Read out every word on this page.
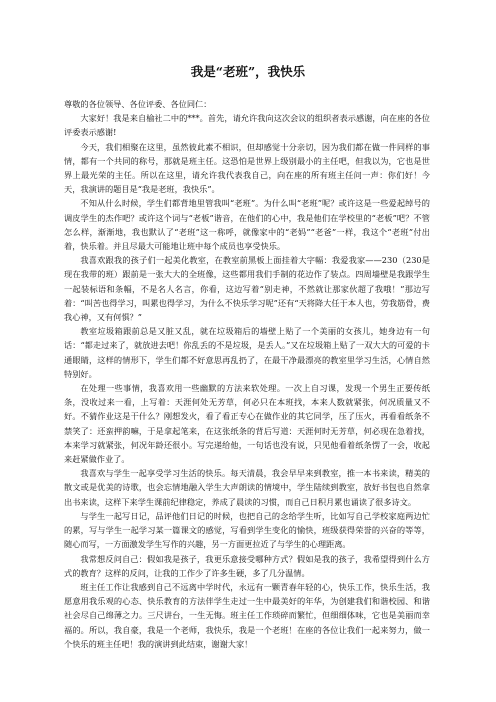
我是“老班”，我快乐

尊敬的各位领导、各位评委、各位同仁：

大家好！我是来自榆社二中的***。首先，请允许我向这次会议的组织者表示感谢，向在座的各位评委表示感谢!

今天，我们相聚在这里，虽然彼此素不相识，但却感觉十分亲切，因为我们都在做一件同样的事情，都有一个共同的称号，那就是班主任。这恐怕是世界上级别最小的主任吧，但我以为，它也是世界上最光荣的主任。所以在这里，请允许我代表我自己，向在座的所有班主任问一声：你们好！今天，我演讲的题目是“我是老班，我快乐”。

不知从什么时候，学生们都背地里管我叫“老班”。为什么叫“老班”呢？或许这是一些爱起绰号的调皮学生的杰作吧？或许这个词与“老板”谐音，在他们的心中，我是他们在学校里的“老板”吧？不管怎么样，渐渐地，我也默认了“老班”这一称呼，就像家中的“老妈”“老爸”一样，我这个“老班”付出着，快乐着。并且尽最大可能地让班中每个成员也享受快乐。

我喜欢跟我的孩子们一起美化教室，在教室前黑板上面挂着大字幅：我爱我家——230（230是现在我带的班）跟前是一张大大的全班像，这些都用我们手制的花边作了装点。四周墙壁是我跟学生一起装标语和条幅，不是名人名言，你看，这边写着“别走神，不然就让那家伙超了我哦！”那边写着：“叫苦也得学习，叫累也得学习，为什么不快乐学习呢”还有“天将降大任于本人也，劳我筋骨，费我心神，又有何惧？”

教室垃圾箱跟前总是又脏又乱，就在垃圾箱后的墙壁上贴了一个美丽的女孩儿，她身边有一句话：“都走过来了，就放进去吧！你乱丢的不是垃圾，是丢人。”又在垃圾箱上贴了一双大大的可爱的卡通眼睛，这样的情形下，学生们都不好意思再乱扔了，在最干净最漂亮的教室里学习生活，心情自然特别好。

在处理一些事情，我喜欢用一些幽默的方法来软处理。一次上自习课，发现一个男生正要传纸条，没收过来一看，上写着：天涯何处无芳草，何必只在本班找，本来人数就紧张，何况质量又不好。不猜作业这是干什么？刚想发火，看了看正专心在做作业的其它同学，压了压火，再看看纸条不禁笑了：还蛮押韵嘛，于是拿起笔来，在这张纸条的背后写道：天涯何时无芳草，何必现在急着找，本来学习就紧张，何况年龄还很小。写完递给他，一句话也没有说，只见他看着纸条愣了一会，收起来赶紧做作业了。

我喜欢与学生一起享受学习生活的快乐。每天清晨，我会早早来到教室，推一本书来读，精美的散文或是优美的诗歌，也会忘情地融入学生大声朗读的情境中，学生陆续到教室，放好书包也自然拿出书来读，这样下来学生课前纪律稳定，养成了晨读的习惯，而自己日积月累也诵读了很多诗文。

与学生一起写日记，品评他们日记的时候，也把自己的念给学生听，比如写自己学校家庭两边忙的累，写与学生一起学习某一篇课文的感觉，写看到学生变化的愉快，班级获得荣誉的兴奋的等等，随心而写，一方面激发学生写作的兴趣，另一方面更拉近了与学生的心理距离。

我常想反问自己：假如我是孩子，我更乐意接受哪种方式？假如是我的孩子，我希望得到什么方式的教育？这样的反问，让我的工作少了许多生硬，多了几分温情。

班主任工作让我感到自己不远离中学时代，永远有一颗青春年轻的心，快乐工作，快乐生活，我愿意用我乐观的心态、快乐教育的方法伴学生走过一生中最美好的年华，为创建我们和谐校园、和谐社会尽自己绵薄之力。三尺讲台，一生无悔。班主任工作琐碎而繁忙，但细细体味，它也是美丽而幸福的。所以，我自豪，我是一个老师，我快乐，我是一个老班！在座的各位让我们一起来努力，做一个快乐的班主任吧！我的演讲到此结束，谢谢大家！
